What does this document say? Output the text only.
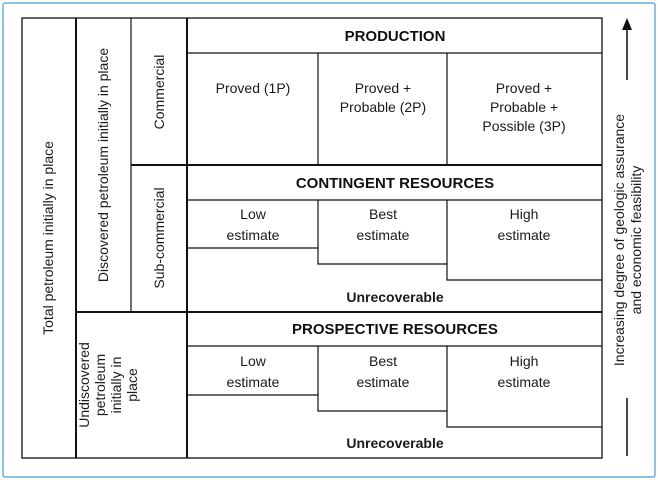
Total petroleum initially in place	Discovered petroleum initially in place
Undiscovered petroleum initially in place
Commercial
Sub-commercial
PRODUCTION
Proved (1P)	Proved +
Probable (2P)
Proved +
Probable +
Possible (3P)
CONTINGENT RESOURCES
Low
estimate
Best
estimate
High
estimate
Unrecoverable
PROSPECTIVE RESOURCES
Low
estimate
Best
estimate
High
estimate
Unrecoverable
Increasing degree of geologic assurance and economic feasibility
